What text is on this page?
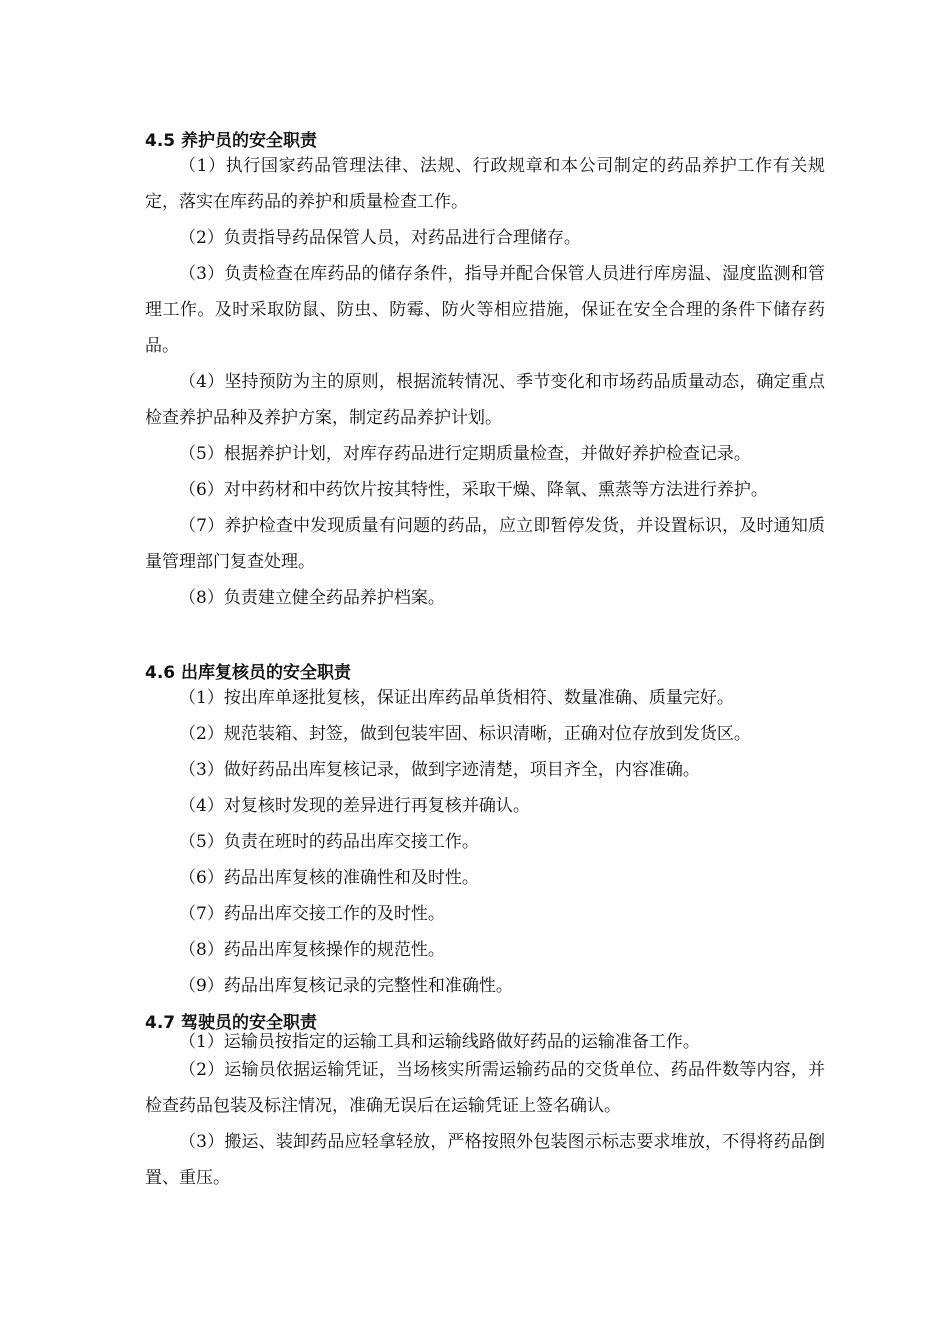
4.5 养护员的安全职责

（1）执行国家药品管理法律、法规、行政规章和本公司制定的药品养护工作有关规定，落实在库药品的养护和质量检查工作。

（2）负责指导药品保管人员，对药品进行合理储存。

（3）负责检查在库药品的储存条件，指导并配合保管人员进行库房温、湿度监测和管理工作。及时采取防鼠、防虫、防霉、防火等相应措施，保证在安全合理的条件下储存药品。

（4）坚持预防为主的原则，根据流转情况、季节变化和市场药品质量动态，确定重点检查养护品种及养护方案，制定药品养护计划。

（5）根据养护计划，对库存药品进行定期质量检查，并做好养护检查记录。

（6）对中药材和中药饮片按其特性，采取干燥、降氧、熏蒸等方法进行养护。

（7）养护检查中发现质量有问题的药品，应立即暂停发货，并设置标识，及时通知质量管理部门复查处理。

（8）负责建立健全药品养护档案。

4.6 出库复核员的安全职责

（1）按出库单逐批复核，保证出库药品单货相符、数量准确、质量完好。

（2）规范装箱、封签，做到包装牢固、标识清晰，正确对位存放到发货区。

（3）做好药品出库复核记录，做到字迹清楚，项目齐全，内容准确。

（4）对复核时发现的差异进行再复核并确认。

（5）负责在班时的药品出库交接工作。

（6）药品出库复核的准确性和及时性。

（7）药品出库交接工作的及时性。

（8）药品出库复核操作的规范性。

（9）药品出库复核记录的完整性和准确性。

4.7 驾驶员的安全职责

（1）运输员按指定的运输工具和运输线路做好药品的运输准备工作。

（2）运输员依据运输凭证，当场核实所需运输药品的交货单位、药品件数等内容，并检查药品包装及标注情况，准确无误后在运输凭证上签名确认。

（3）搬运、装卸药品应轻拿轻放，严格按照外包装图示标志要求堆放，不得将药品倒置、重压。
